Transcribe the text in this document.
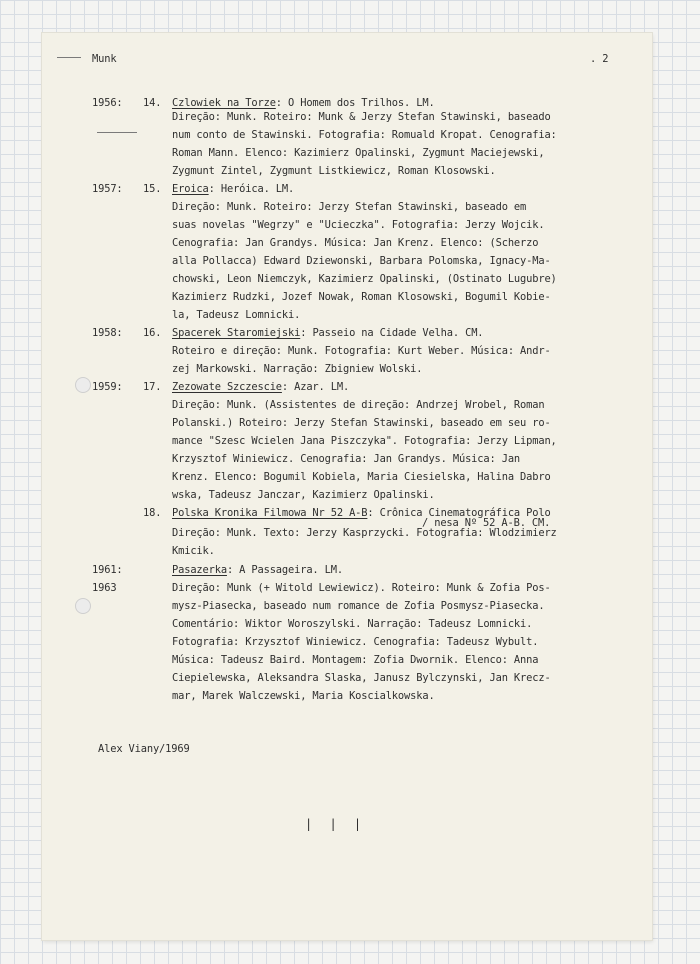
Munk	. 2
1956: 14. Czlowiek na Torze: O Homem dos Trilhos. LM.
Direção: Munk. Roteiro: Munk & Jerzy Stefan Stawinski, baseado
num conto de Stawinski. Fotografia: Romuald Kropat. Cenografia:
Roman Mann. Elenco: Kazimierz Opalinski, Zygmunt Maciejewski,
Zygmunt Zintel, Zygmunt Listkiewicz, Roman Klosowski.
1957: 15. Eroica: Heróica. LM.
Direção: Munk. Roteiro: Jerzy Stefan Stawinski, baseado em
suas novelas "Wegrzy" e "Ucieczka". Fotografia: Jerzy Wojcik.
Cenografia: Jan Grandys. Música: Jan Krenz. Elenco: (Scherzo
alla Pollacca) Edward Dziewonski, Barbara Polomska, Ignacy-Ma-
chowski, Leon Niemczyk, Kazimierz Opalinski, (Ostinato Lugubre)
Kazimierz Rudzki, Jozef Nowak, Roman Klosowski, Bogumil Kobie-
la, Tadeusz Lomnicki.
1958: 16. Spacerek Staromiejski: Passeio na Cidade Velha. CM.
Roteiro e direção: Munk. Fotografia: Kurt Weber. Música: Andr-
zej Markowski. Narração: Zbigniew Wolski.
1959: 17. Zezowate Szczescie: Azar. LM.
Direção: Munk. (Assistentes de direção: Andrzej Wrobel, Roman
Polanski.) Roteiro: Jerzy Stefan Stawinski, baseado em seu ro-
mance "Szesc Wcielen Jana Piszczyka". Fotografia: Jerzy Lipman,
Krzysztof Winiewicz. Cenografia: Jan Grandys. Música: Jan
Krenz. Elenco: Bogumil Kobiela, Maria Ciesielska, Halina Dabro
wska, Tadeusz Janczar, Kazimierz Opalinski.
18. Polska Kronika Filmowa Nr 52 A-B: Crônica Cinematográfica Polo
/ nesa Nº 52 A-B. CM.
Direção: Munk. Texto: Jerzy Kasprzycki. Fotografia: Wlodzimierz
Kmicik.
1961:
1963
Pasazerka: A Passageira. LM.
Direção: Munk (+ Witold Lewiewicz). Roteiro: Munk & Zofia Pos-
mysz-Piasecka, baseado num romance de Zofia Posmysz-Piasecka.
Comentário: Wiktor Woroszylski. Narração: Tadeusz Lomnicki.
Fotografia: Krzysztof Winiewicz. Cenografia: Tadeusz Wybult.
Música: Tadeusz Baird. Montagem: Zofia Dwornik. Elenco: Anna
Ciepielewska, Aleksandra Slaska, Janusz Bylczynski, Jan Krecz-
mar, Marek Walczewski, Maria Koscialkowska.
Alex Viany/1969
| | |
